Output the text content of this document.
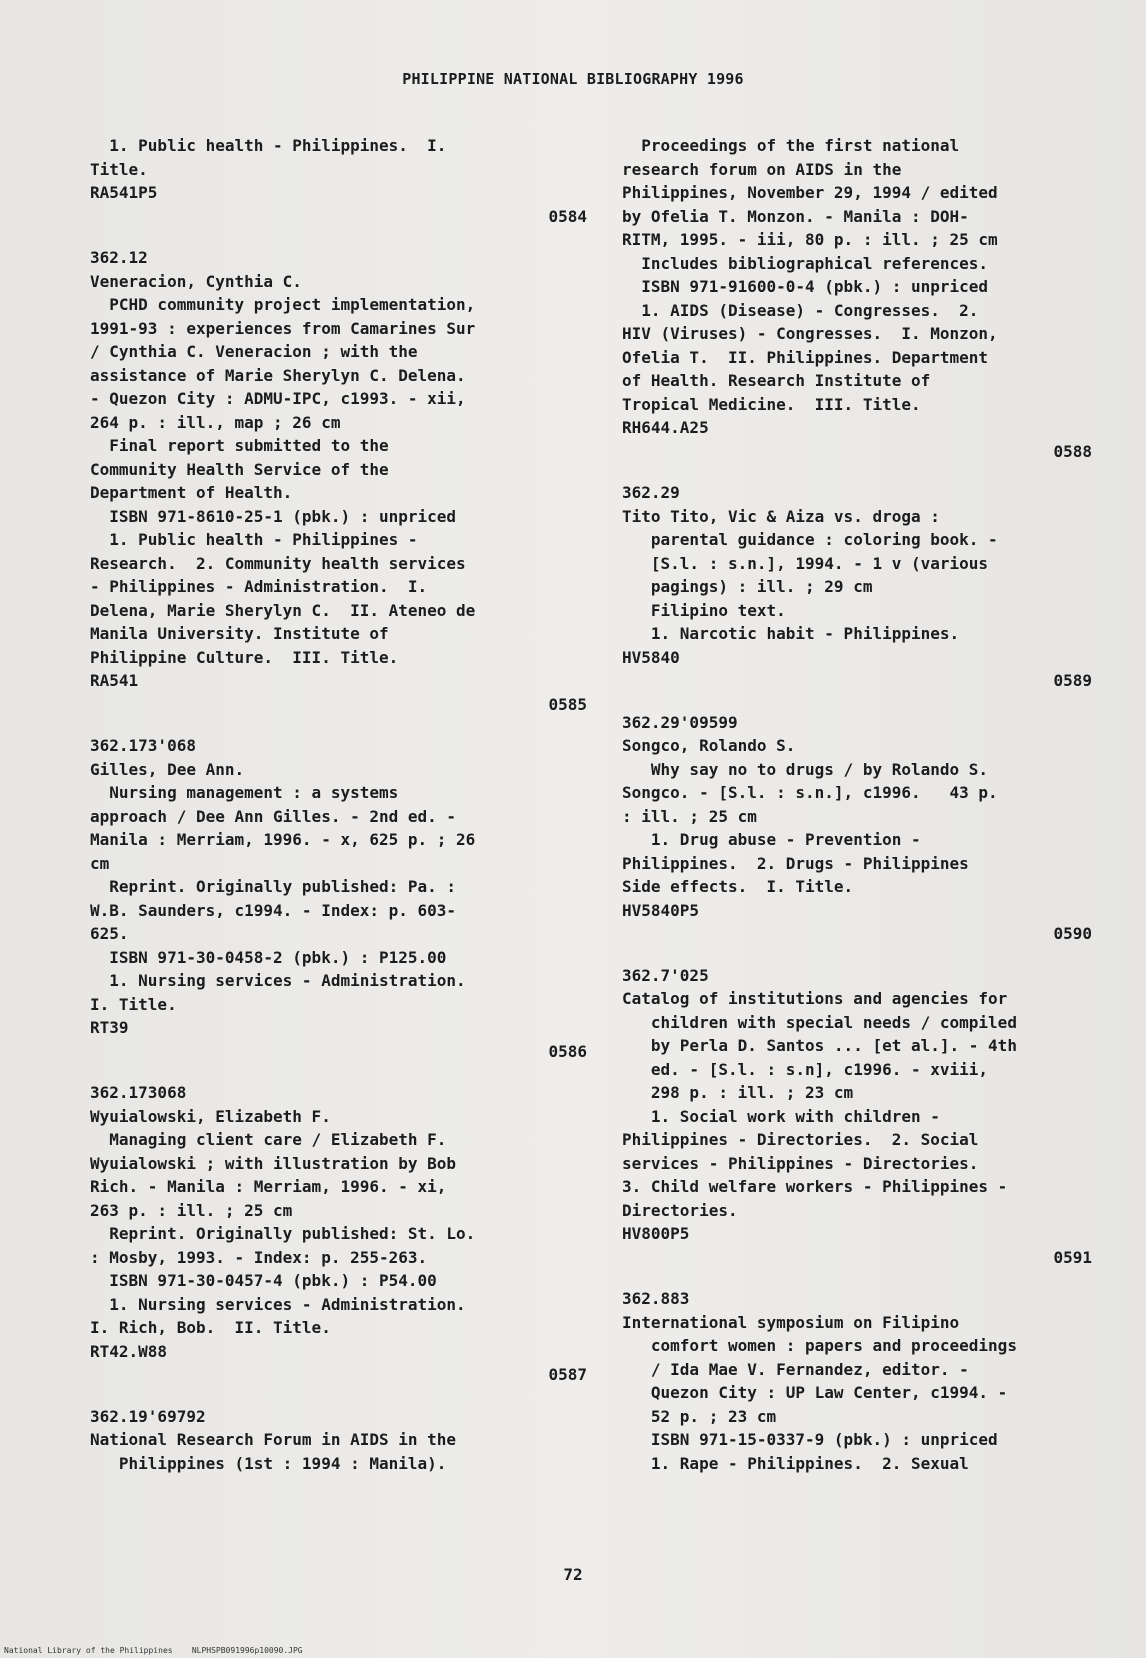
PHILIPPINE NATIONAL BIBLIOGRAPHY 1996
1. Public health - Philippines.  I.
Title.
RA541P5
0584
362.12
Veneracion, Cynthia C.
PCHD community project implementation,
1991-93 : experiences from Camarines Sur
/ Cynthia C. Veneracion ; with the
assistance of Marie Sherylyn C. Delena.
- Quezon City : ADMU-IPC, c1993. - xii,
264 p. : ill., map ; 26 cm
Final report submitted to the
Community Health Service of the
Department of Health.
ISBN 971-8610-25-1 (pbk.) : unpriced
1. Public health - Philippines -
Research.  2. Community health services
- Philippines - Administration.  I.
Delena, Marie Sherylyn C.  II. Ateneo de
Manila University. Institute of
Philippine Culture.  III. Title.
RA541
0585
362.173'068
Gilles, Dee Ann.
Nursing management : a systems
approach / Dee Ann Gilles. - 2nd ed. -
Manila : Merriam, 1996. - x, 625 p. ; 26
cm
Reprint. Originally published: Pa. :
W.B. Saunders, c1994. - Index: p. 603-
625.
ISBN 971-30-0458-2 (pbk.) : P125.00
1. Nursing services - Administration.
I. Title.
RT39
0586
362.173068
Wyuialowski, Elizabeth F.
Managing client care / Elizabeth F.
Wyuialowski ; with illustration by Bob
Rich. - Manila : Merriam, 1996. - xi,
263 p. : ill. ; 25 cm
Reprint. Originally published: St. Lo.
: Mosby, 1993. - Index: p. 255-263.
ISBN 971-30-0457-4 (pbk.) : P54.00
1. Nursing services - Administration.
I. Rich, Bob.  II. Title.
RT42.W88
0587
362.19'69792
National Research Forum in AIDS in the
Philippines (1st : 1994 : Manila).
Proceedings of the first national
research forum on AIDS in the
Philippines, November 29, 1994 / edited
by Ofelia T. Monzon. - Manila : DOH-
RITM, 1995. - iii, 80 p. : ill. ; 25 cm
Includes bibliographical references.
ISBN 971-91600-0-4 (pbk.) : unpriced
1. AIDS (Disease) - Congresses.  2.
HIV (Viruses) - Congresses.  I. Monzon,
Ofelia T.  II. Philippines. Department
of Health. Research Institute of
Tropical Medicine.  III. Title.
RH644.A25
0588
362.29
Tito Tito, Vic & Aiza vs. droga :
parental guidance : coloring book. -
[S.l. : s.n.], 1994. - 1 v (various
pagings) : ill. ; 29 cm
Filipino text.
1. Narcotic habit - Philippines.
HV5840
0589
362.29'09599
Songco, Rolando S.
Why say no to drugs / by Rolando S.
Songco. - [S.l. : s.n.], c1996.   43 p.
: ill. ; 25 cm
1. Drug abuse - Prevention -
Philippines.  2. Drugs - Philippines
Side effects.  I. Title.
HV5840P5
0590
362.7'025
Catalog of institutions and agencies for
children with special needs / compiled
by Perla D. Santos ... [et al.]. - 4th
ed. - [S.l. : s.n], c1996. - xviii,
298 p. : ill. ; 23 cm
1. Social work with children -
Philippines - Directories.  2. Social
services - Philippines - Directories.
3. Child welfare workers - Philippines -
Directories.
HV800P5
0591
362.883
International symposium on Filipino
comfort women : papers and proceedings
/ Ida Mae V. Fernandez, editor. -
Quezon City : UP Law Center, c1994. -
52 p. ; 23 cm
ISBN 971-15-0337-9 (pbk.) : unpriced
1. Rape - Philippines.  2. Sexual
72
National Library of the Philippines    NLPHSPB091996p10090.JPG
